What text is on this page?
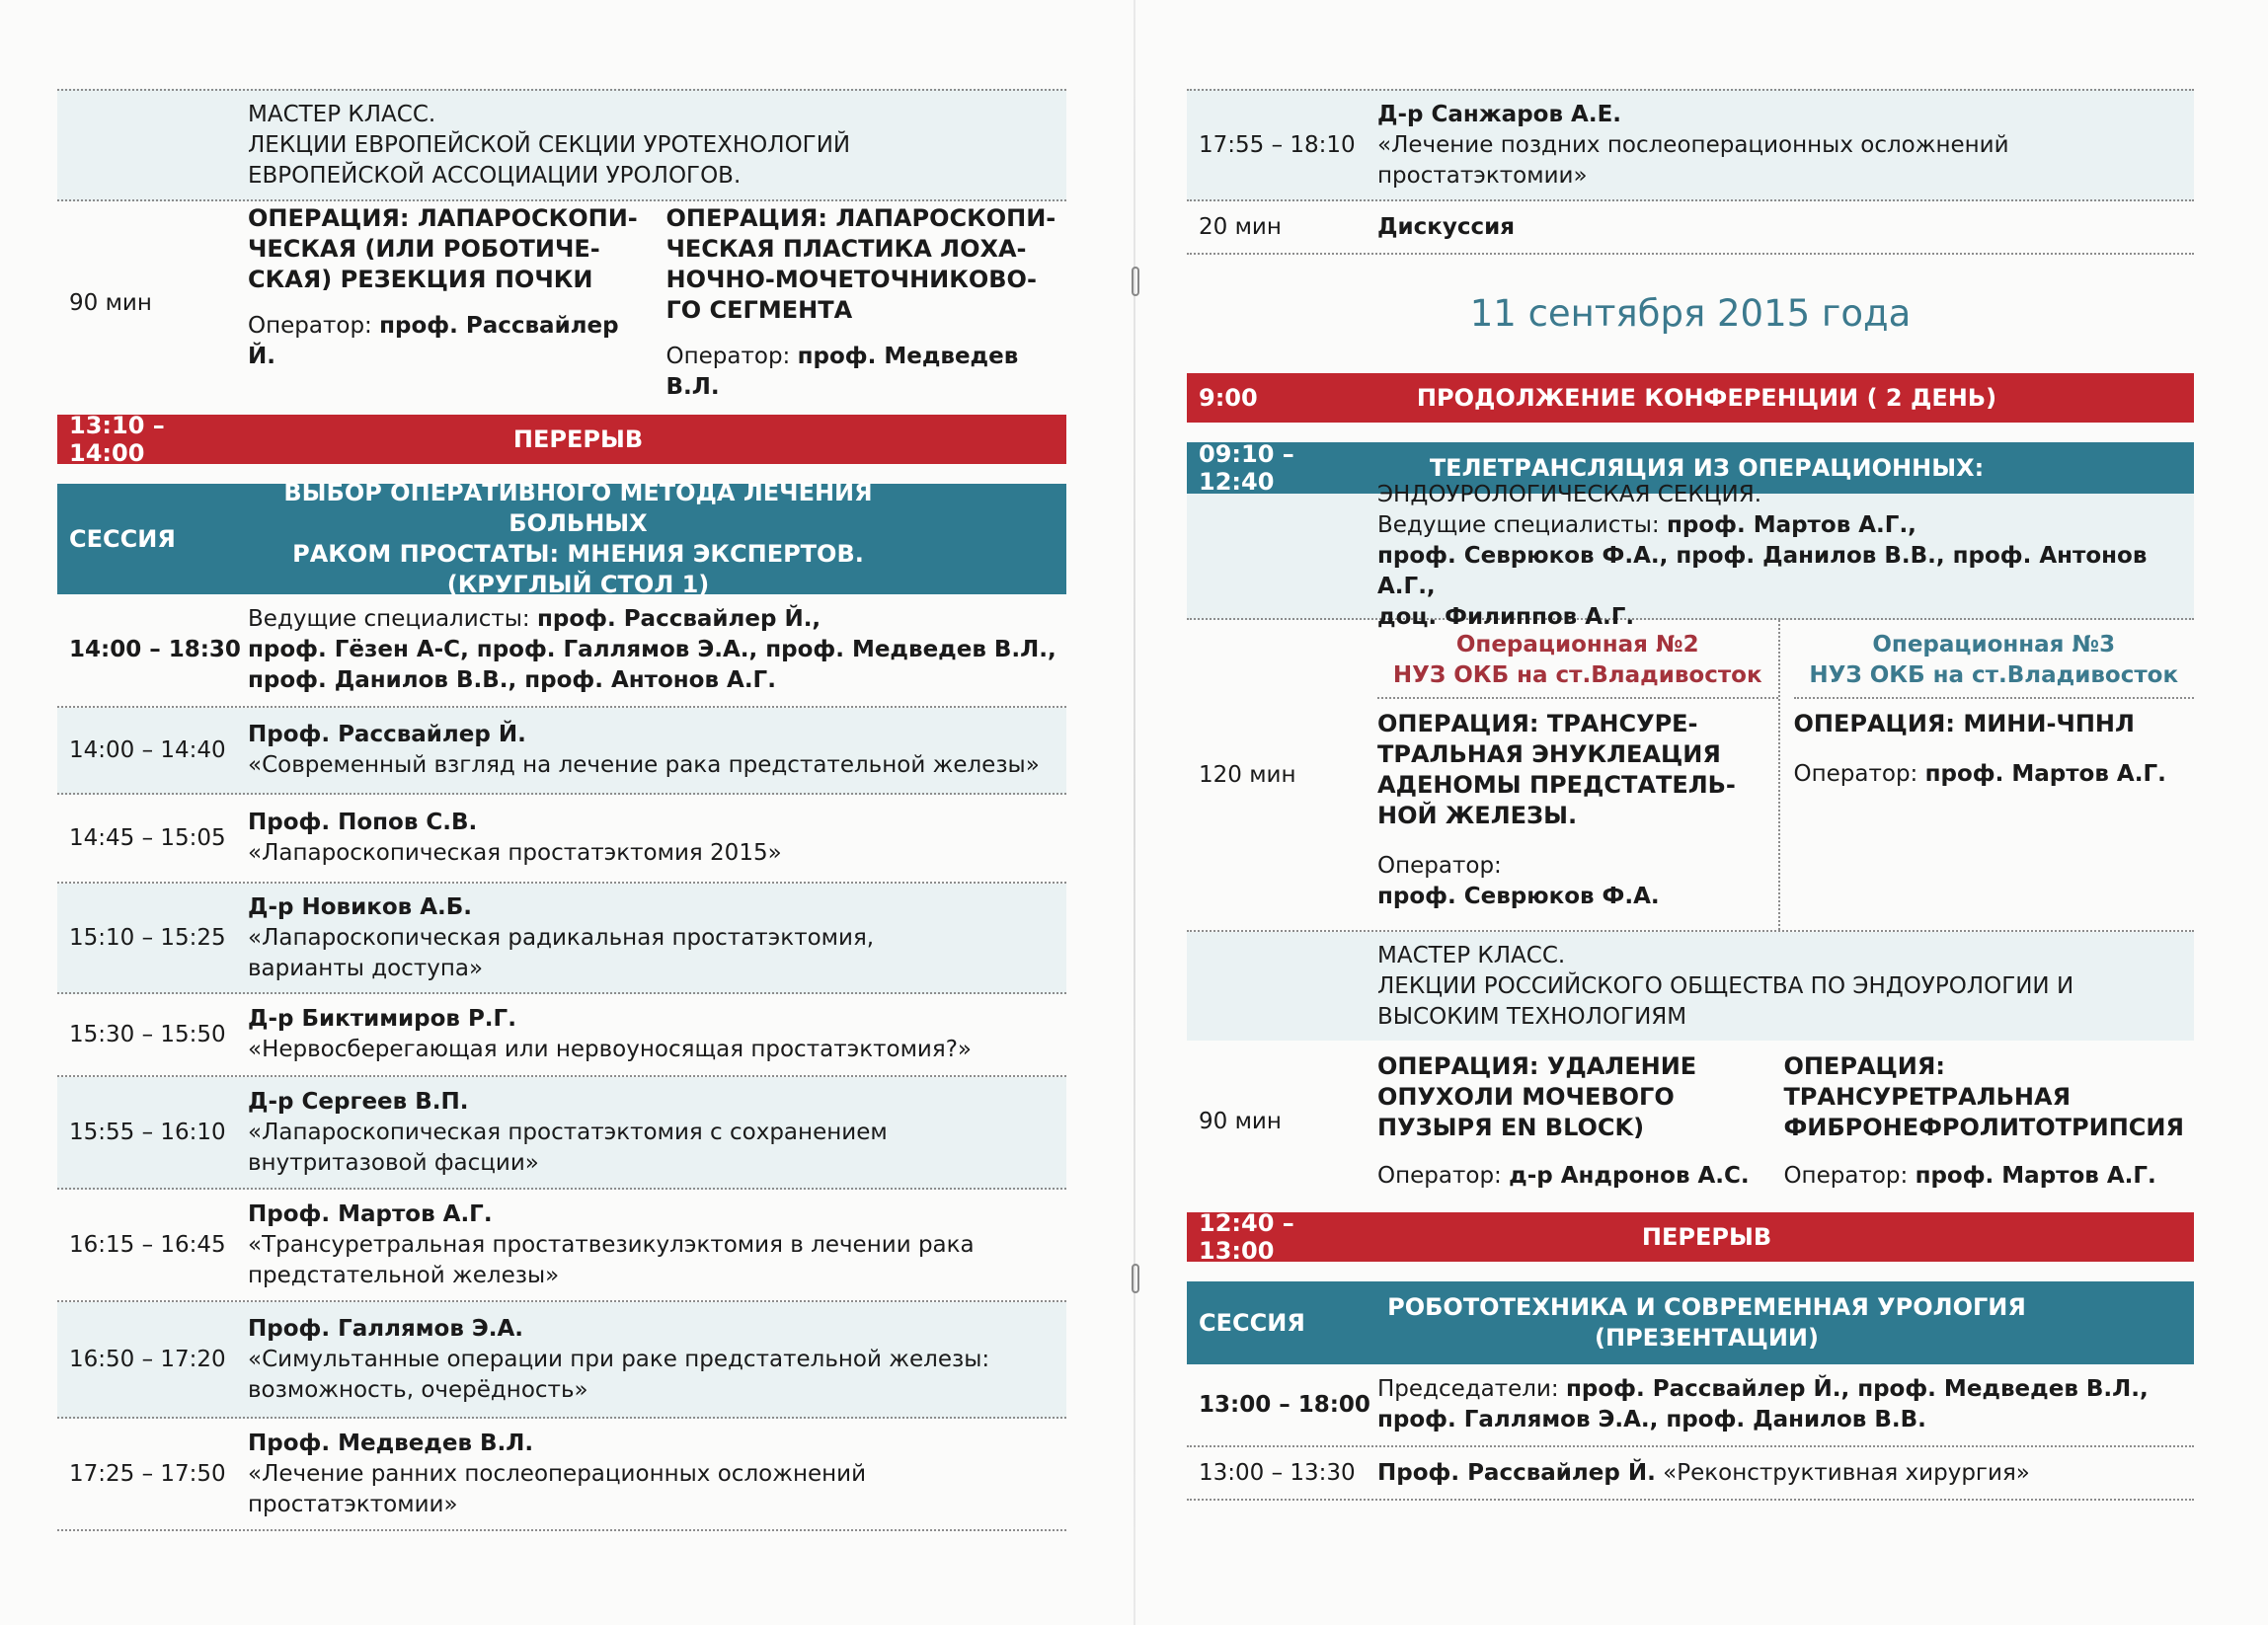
МАСТЕР КЛАСС.
ЛЕКЦИИ ЕВРОПЕЙСКОЙ СЕКЦИИ УРОТЕХНОЛОГИЙ
ЕВРОПЕЙСКОЙ АССОЦИАЦИИ УРОЛОГОВ.
90 мин
ОПЕРАЦИЯ: ЛАПАРОСКОПИ-
ЧЕСКАЯ (ИЛИ РОБОТИЧЕ-
СКАЯ) РЕЗЕКЦИЯ ПОЧКИ
Оператор: проф. Рассвайлер Й.
ОПЕРАЦИЯ: ЛАПАРОСКОПИ-
ЧЕСКАЯ ПЛАСТИКА ЛОХА-
НОЧНО-МОЧЕТОЧНИКОВО-
ГО СЕГМЕНТА
Оператор: проф. Медведев В.Л.
13:10 – 14:00
ПЕРЕРЫВ
СЕССИЯ
ВЫБОР ОПЕРАТИВНОГО МЕТОДА ЛЕЧЕНИЯ БОЛЬНЫХ
РАКОМ ПРОСТАТЫ: МНЕНИЯ ЭКСПЕРТОВ.
(КРУГЛЫЙ СТОЛ 1)
14:00 – 18:30
Ведущие специалисты: проф. Рассвайлер Й.,
проф. Гёзен А-С, проф. Галлямов Э.А., проф. Медведев В.Л.,
проф. Данилов В.В., проф. Антонов А.Г.
14:00 – 14:40
Проф. Рассвайлер Й.
«Современный взгляд на лечение рака предстательной железы»
14:45 – 15:05
Проф. Попов С.В.
«Лапароскопическая простатэктомия 2015»
15:10 – 15:25
Д-р Новиков А.Б.
«Лапароскопическая радикальная простатэктомия,
варианты доступа»
15:30 – 15:50
Д-р Биктимиров Р.Г.
«Нервосберегающая или нервоуносящая простатэктомия?»
15:55 – 16:10
Д-р Сергеев В.П.
«Лапароскопическая простатэктомия с сохранением
внутритазовой фасции»
16:15 – 16:45
Проф. Мартов А.Г.
«Трансуретральная простатвезикулэктомия в лечении рака
предстательной железы»
16:50 – 17:20
Проф. Галлямов Э.А.
«Симультанные операции при раке предстательной железы:
возможность, очерёдность»
17:25 – 17:50
Проф. Медведев В.Л.
«Лечение ранних послеоперационных осложнений
простатэктомии»
17:55 – 18:10
Д-р Санжаров А.Е.
«Лечение поздних послеоперационных осложнений
простатэктомии»
20 мин	Дискуссия
11 сентября 2015 года
9:00	ПРОДОЛЖЕНИЕ КОНФЕРЕНЦИИ ( 2 ДЕНЬ)
09:10 – 12:40
ТЕЛЕТРАНСЛЯЦИЯ ИЗ ОПЕРАЦИОННЫХ:
ЭНДОУРОЛОГИЧЕСКАЯ СЕКЦИЯ.
Ведущие специалисты: проф. Мартов А.Г.,
проф. Севрюков Ф.А., проф. Данилов В.В., проф. Антонов А.Г.,
доц. Филиппов А.Г.
120 мин
Операционная №2
НУЗ ОКБ на ст.Владивосток
ОПЕРАЦИЯ: ТРАНСУРЕ-
ТРАЛЬНАЯ ЭНУКЛЕАЦИЯ
АДЕНОМЫ ПРЕДСТАТЕЛЬ-
НОЙ ЖЕЛЕЗЫ.
Оператор:
проф. Севрюков Ф.А.
Операционная №3
НУЗ ОКБ на ст.Владивосток
ОПЕРАЦИЯ: МИНИ-ЧПНЛ
Оператор: проф. Мартов А.Г.
МАСТЕР КЛАСС.
ЛЕКЦИИ РОССИЙСКОГО ОБЩЕСТВА ПО ЭНДОУРОЛОГИИ И
ВЫСОКИМ ТЕХНОЛОГИЯМ
90 мин
ОПЕРАЦИЯ: УДАЛЕНИЕ
ОПУХОЛИ МОЧЕВОГО
ПУЗЫРЯ EN BLOCK)
Оператор: д-р Андронов А.С.
ОПЕРАЦИЯ:
ТРАНСУРЕТРАЛЬНАЯ
ФИБРОНЕФРОЛИТОТРИПСИЯ
Оператор: проф. Мартов А.Г.
12:40 – 13:00
ПЕРЕРЫВ
СЕССИЯ
РОБОТОТЕХНИКА И СОВРЕМЕННАЯ УРОЛОГИЯ
(ПРЕЗЕНТАЦИИ)
13:00 – 18:00
Председатели: проф. Рассвайлер Й., проф. Медведев В.Л.,
проф. Галлямов Э.А., проф. Данилов В.В.
13:00 – 13:30 Проф. Рассвайлер Й. «Реконструктивная хирургия»
